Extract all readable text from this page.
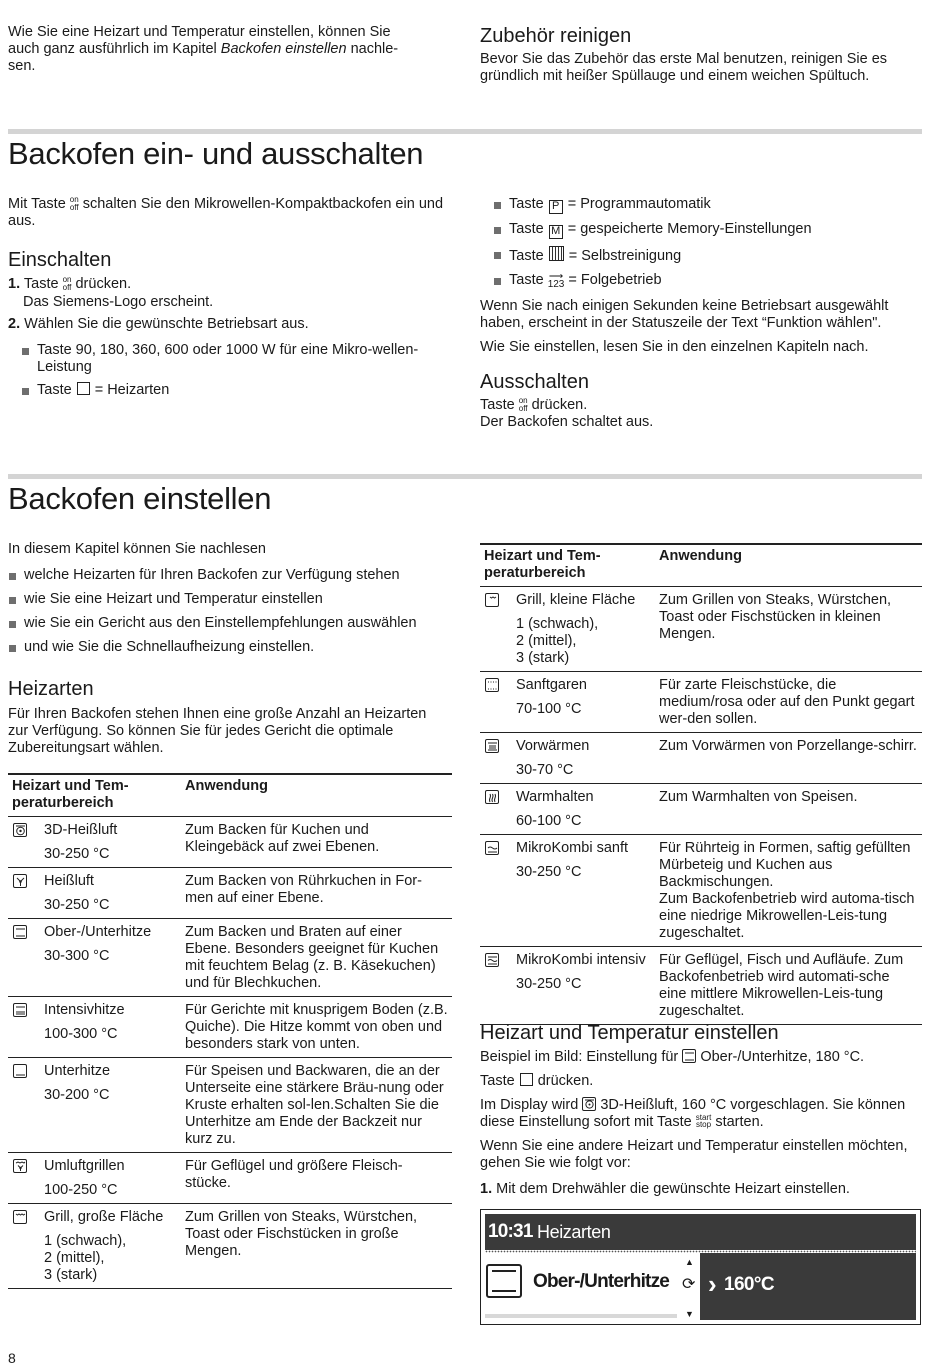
Wie Sie eine Heizart und Temperatur einstellen, können Sie

auch ganz ausführlich im Kapitel Backofen einstellen nachle-

sen.

Zubehör reinigen

Bevor Sie das Zubehör das erste Mal benutzen, reinigen Sie es gründlich mit heißer Spüllauge und einem weichen Spültuch.

Backofen ein- und ausschalten

Mit Taste on
off schalten Sie den Mikrowellen-Kompaktbackofen ein und aus.

Einschalten

1. Taste on
off drücken.

Das Siemens-Logo erscheint.

2. Wählen Sie die gewünschte Betriebsart aus.

Taste 90, 180, 360, 600 oder 1000 W für eine Mikro-wellen-Leistung

Taste  = Heizarten

Taste P = Programmautomatik

Taste M = gespeicherte Memory-Einstellungen

Taste  = Selbstreinigung

Taste ⟶
123 = Folgebetrieb

Wenn Sie nach einigen Sekunden keine Betriebsart ausgewählt haben, erscheint in der Statuszeile der Text “Funktion wählen".

Wie Sie einstellen, lesen Sie in den einzelnen Kapiteln nach.

Ausschalten

Taste on
off drücken.

Der Backofen schaltet aus.

Backofen einstellen

In diesem Kapitel können Sie nachlesen

welche Heizarten für Ihren Backofen zur Verfügung stehen

wie Sie eine Heizart und Temperatur einstellen

wie Sie ein Gericht aus den Einstellempfehlungen auswählen

und wie Sie die Schnellaufheizung einstellen.

Heizarten

Für Ihren Backofen stehen Ihnen eine große Anzahl an Heizarten zur Verfügung. So können Sie für jedes Gericht die optimale Zubereitungsart wählen.

Heizart und Tem-peraturbereich	Anwendung

3D-Heißluft
30-250 °C	Zum Backen für Kuchen und Kleingebäck auf zwei Ebenen.

Heißluft
30-250 °C	Zum Backen von Rührkuchen in For-men auf einer Ebene.

Ober-/Unterhitze
30-300 °C	Zum Backen und Braten auf einer Ebene. Besonders geeignet für Kuchen mit feuchtem Belag (z. B. Käsekuchen) und für Blechkuchen.

Intensivhitze
100-300 °C	Für Gerichte mit knusprigem Boden (z.B. Quiche). Die Hitze kommt von oben und besonders stark von unten.

Unterhitze
30-200 °C	Für Speisen und Backwaren, die an der Unterseite eine stärkere Bräu-nung oder Kruste erhalten sol-len.Schalten Sie die Unterhitze am Ende der Backzeit nur kurz zu.

Umluftgrillen
100-250 °C	Für Geflügel und größere Fleisch-stücke.

Grill, große Fläche
1 (schwach),
2 (mittel),
3 (stark)	Zum Grillen von Steaks, Würstchen, Toast oder Fischstücken in große Mengen.
Heizart und Tem-peraturbereich	Anwendung

Grill, kleine Fläche
1 (schwach),
2 (mittel),
3 (stark)	Zum Grillen von Steaks, Würstchen, Toast oder Fischstücken in kleinen Mengen.

Sanftgaren
70-100 °C	Für zarte Fleischstücke, die medium/rosa oder auf den Punkt gegart wer-den sollen.

Vorwärmen
30-70 °C	Zum Vorwärmen von Porzellange-schirr.

Warmhalten
60-100 °C	Zum Warmhalten von Speisen.

MikroKombi sanft
30-250 °C	Für Rührteig in Formen, saftig gefüllten Mürbeteig und Kuchen aus Backmischungen.
Zum Backofenbetrieb wird automa-tisch eine niedrige Mikrowellen-Leis-tung zugeschaltet.

MikroKombi intensiv
30-250 °C	Für Geflügel, Fisch und Aufläufe. Zum Backofenbetrieb wird automati-sche eine mittlere Mikrowellen-Leis-tung zugeschaltet.
Heizart und Temperatur einstellen

Beispiel im Bild: Einstellung für
Ober-/Unterhitze, 180 °C.

Taste  drücken.

Im Display wird
3D-Heißluft, 160 °C vorgeschlagen. Sie können diese Einstellung sofort mit Taste start
stop starten.

Wenn Sie eine andere Heizart und Temperatur einstellen möchten, gehen Sie wie folgt vor:

1. Mit dem Drehwähler die gewünschte Heizart einstellen.

10:31 Heizarten
Ober-/Unterhitze
▲
⟳
▼
› 160°C
8
